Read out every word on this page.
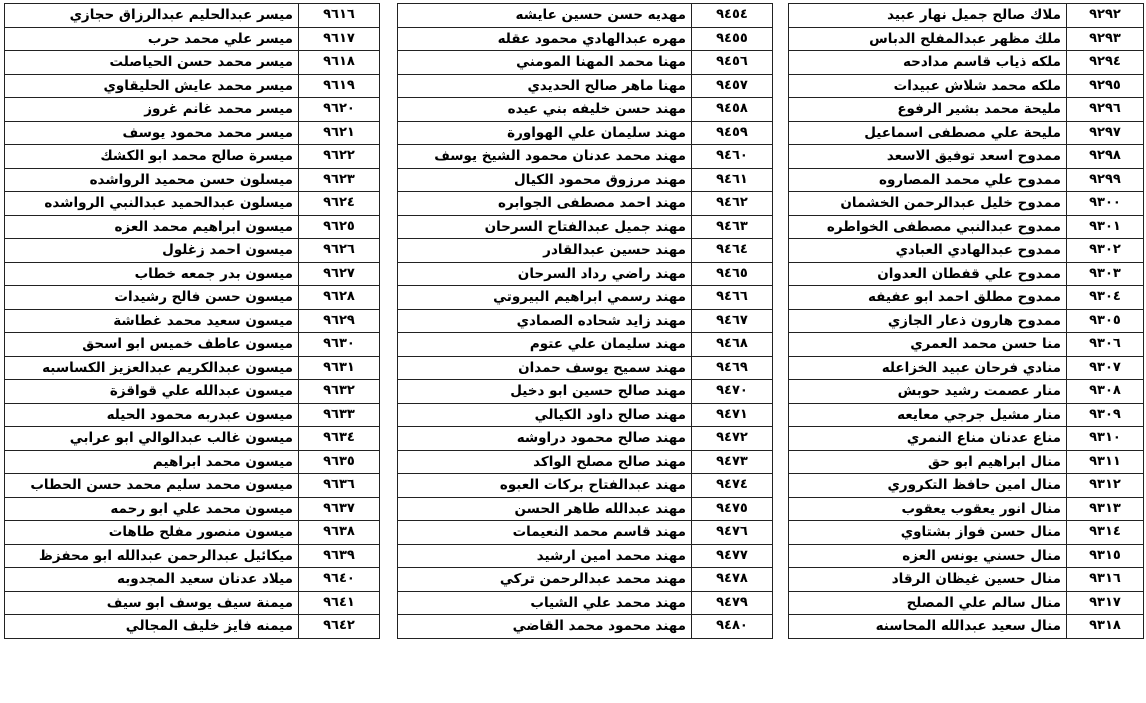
٩٢٩٢	ملاك صالح جميل نهار عبيد
٩٢٩٣	ملك مظهر عبدالمفلح الدباس
٩٢٩٤	ملكه ذياب قاسم مدادحه
٩٢٩٥	ملكه محمد شلاش عبيدات
٩٢٩٦	مليحة محمد بشير الرفوع
٩٢٩٧	مليحة علي مصطفى اسماعيل
٩٢٩٨	ممدوح اسعد توفيق الاسعد
٩٢٩٩	ممدوح علي محمد المصاروه
٩٣٠٠	ممدوح خليل عبدالرحمن الخشمان
٩٣٠١	ممدوح عبدالنبي مصطفى الخواطره
٩٣٠٢	ممدوح عبدالهادي العبادي
٩٣٠٣	ممدوح علي قفطان العدوان
٩٣٠٤	ممدوح مطلق احمد ابو عفيفه
٩٣٠٥	ممدوح هارون ذعار الجازي
٩٣٠٦	منا حسن محمد العمري
٩٣٠٧	منادي فرحان عبيد الخزاعله
٩٣٠٨	منار عصمت رشيد حوبش
٩٣٠٩	منار مشيل جرجي معايعه
٩٣١٠	مناع عدنان مناع النمري
٩٣١١	منال ابراهيم ابو حق
٩٣١٢	منال امين حافظ التكروري
٩٣١٣	منال انور يعقوب يعقوب
٩٣١٤	منال حسن فواز بشتاوي
٩٣١٥	منال حسني يونس العزه
٩٣١٦	منال حسين غيظان الرقاد
٩٣١٧	منال سالم علي المصلح
٩٣١٨	منال سعيد عبدالله المحاسنه
٩٤٥٤	مهديه حسن حسين عايشه
٩٤٥٥	مهره عبدالهادي محمود عقله
٩٤٥٦	مهنا محمد المهنا المومني
٩٤٥٧	مهنا ماهر صالح الحديدي
٩٤٥٨	مهند حسن خليفه بني عيده
٩٤٥٩	مهند سليمان علي الهواورة
٩٤٦٠	مهند محمد عدنان محمود الشيخ يوسف
٩٤٦١	مهند مرزوق محمود الكيال
٩٤٦٢	مهند احمد مصطفى الجوابره
٩٤٦٣	مهند جميل عبدالفتاح السرحان
٩٤٦٤	مهند حسين عبدالقادر
٩٤٦٥	مهند راضي رداد السرحان
٩٤٦٦	مهند رسمي ابراهيم البيروتي
٩٤٦٧	مهند زايد شحاده الصمادي
٩٤٦٨	مهند سليمان علي عتوم
٩٤٦٩	مهند سميح يوسف حمدان
٩٤٧٠	مهند صالح حسين ابو دخيل
٩٤٧١	مهند صالح داود الكيالي
٩٤٧٢	مهند صالح محمود دراوشه
٩٤٧٣	مهند صالح مصلح الواكد
٩٤٧٤	مهند عبدالفتاح بركات العبوه
٩٤٧٥	مهند عبدالله طاهر الحسن
٩٤٧٦	مهند قاسم محمد النعيمات
٩٤٧٧	مهند محمد امين ارشيد
٩٤٧٨	مهند محمد عبدالرحمن تركي
٩٤٧٩	مهند محمد علي الشياب
٩٤٨٠	مهند محمود محمد القاضي
٩٦١٦	ميسر عبدالحليم عبدالرزاق حجازي
٩٦١٧	ميسر علي محمد حرب
٩٦١٨	ميسر محمد حسن الحياصلت
٩٦١٩	ميسر محمد عايش الحليقاوي
٩٦٢٠	ميسر محمد غانم غروز
٩٦٢١	ميسر محمد محمود يوسف
٩٦٢٢	ميسرة صالح محمد ابو الكشك
٩٦٢٣	ميسلون حسن محميد الرواشده
٩٦٢٤	ميسلون عبدالحميد عبدالنبي الرواشده
٩٦٢٥	ميسون ابراهيم محمد العزه
٩٦٢٦	ميسون احمد زغلول
٩٦٢٧	ميسون بدر جمعه خطاب
٩٦٢٨	ميسون حسن فالح رشيدات
٩٦٢٩	ميسون سعيد محمد غطاشة
٩٦٣٠	ميسون عاطف خميس ابو اسحق
٩٦٣١	ميسون عبدالكريم عبدالعزيز الكساسبه
٩٦٣٢	ميسون عبدالله علي قواقزة
٩٦٣٣	ميسون عبدربه محمود الحيله
٩٦٣٤	ميسون غالب عبدالوالي ابو عرابي
٩٦٣٥	ميسون محمد ابراهيم
٩٦٣٦	ميسون محمد سليم محمد حسن الحطاب
٩٦٣٧	ميسون محمد علي ابو رحمه
٩٦٣٨	ميسون منصور مفلح طاهات
٩٦٣٩	ميكائيل عبدالرحمن عبدالله ابو محفزظ
٩٦٤٠	ميلاد عدنان سعيد المجدوبه
٩٦٤١	ميمنة سيف يوسف ابو سيف
٩٦٤٢	ميمنه فايز خليف المجالي
